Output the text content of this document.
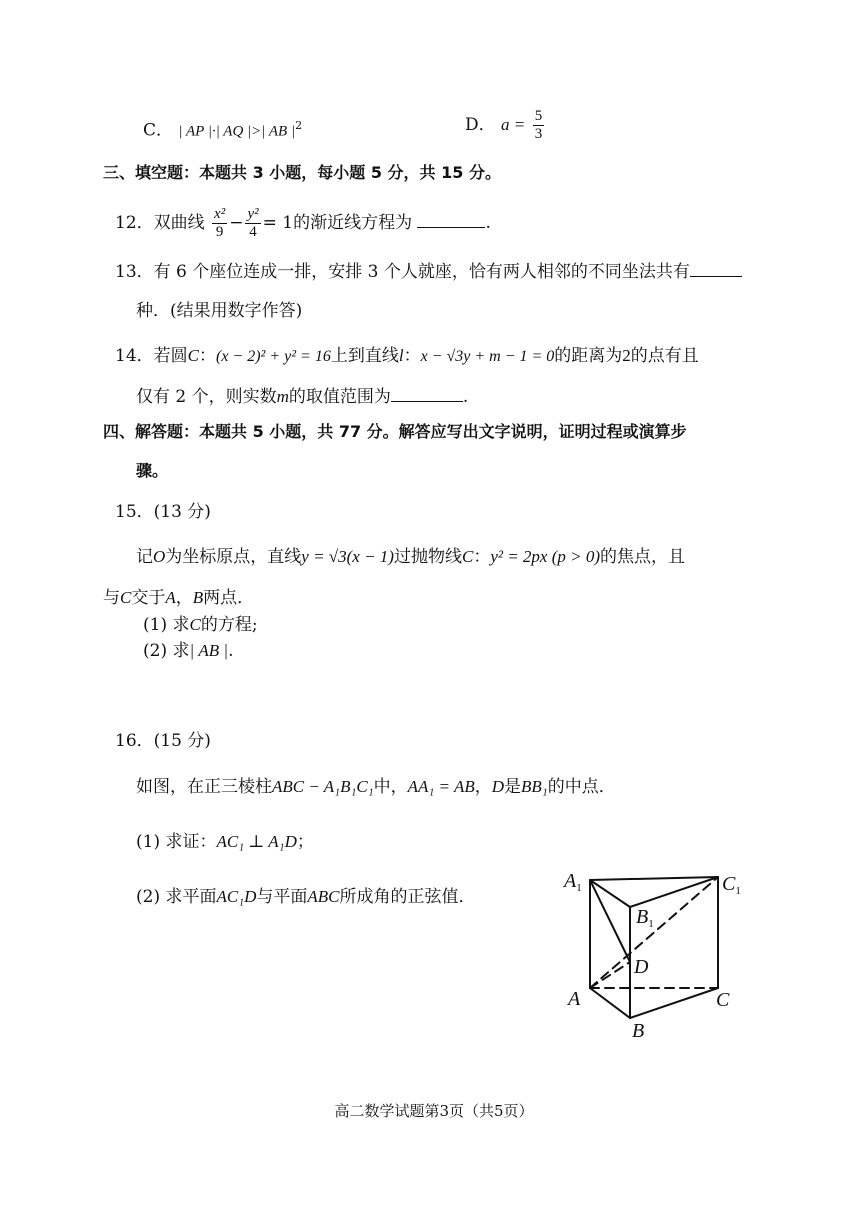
C． | AP |·| AQ |>| AB $|^2$	D． $a = \frac{5}{3}$
三、填空题：本题共 3 小题，每小题 5 分，共 15 分。
12．双曲线 $\frac{\text{x²}}{9} - \frac{\text{y²}}{4} = 1$的渐近线方程为	.
13．有 6 个座位连成一排，安排 3 个人就座，恰有两人相邻的不同坐法共有
种．(结果用数字作答)
14．若圆C：(x − 2)² + y² = 16上到直线l：x − √3y + m − 1 = 0的距离为2的点有且
仅有 2 个，则实数m的取值范围为	.
四、解答题：本题共 5 小题，共 77 分。解答应写出文字说明，证明过程或演算步
骤。
15．(13 分)
记O为坐标原点，直线y = √3(x − 1)过抛物线C：y² = 2px (p > 0)的焦点，且
与C交于A，B两点．
(1) 求C的方程;
(2) 求| AB |.
16．(15 分)
如图，在正三棱柱ABC − A₁B₁C₁中，AA₁ = AB，D是BB₁的中点．
(1) 求证：AC₁ ⊥ A₁D；
(2) 求平面AC₁D与平面ABC所成角的正弦值．
$A_1$	$C_1$
$B_1$
D
A	C
B
高二数学试题第3页（共5页）
